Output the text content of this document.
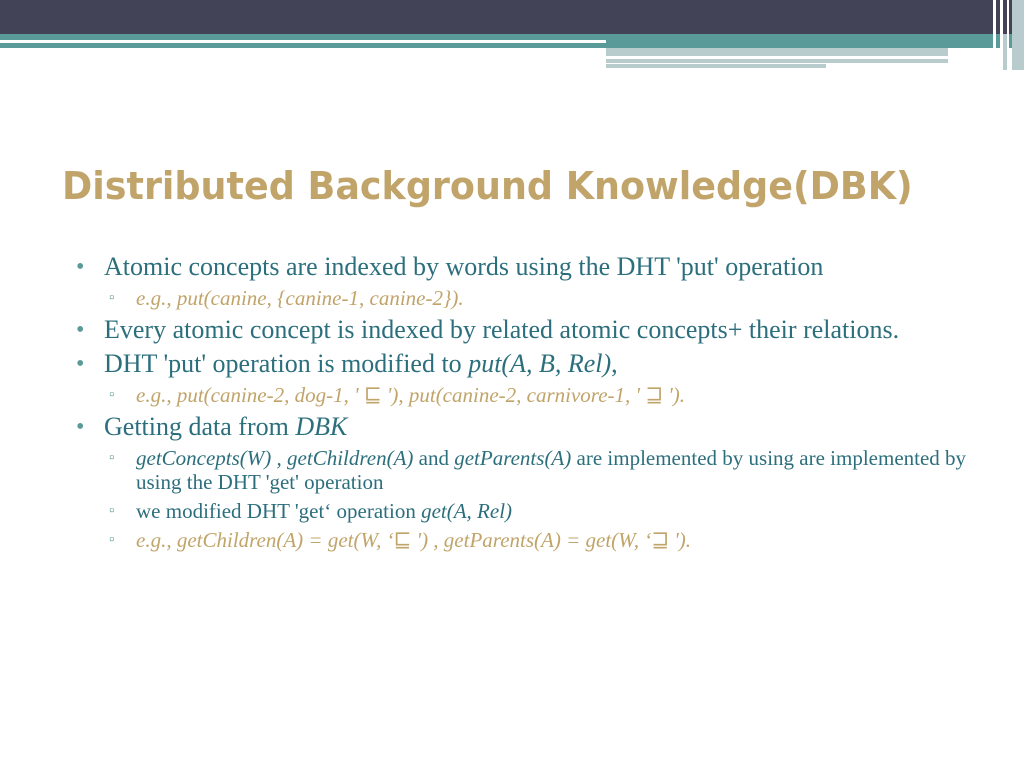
Distributed Background Knowledge(DBK)
• Atomic concepts are indexed by words using the DHT 'put' operation
▫ e.g., put(canine, {canine-1, canine-2}).
• Every atomic concept is indexed by related atomic concepts+ their relations.
• DHT 'put' operation is modified to put(A, B, Rel),
▫ e.g., put(canine-2, dog-1, ' ⊑ '), put(canine-2, carnivore-1, ' ⊒ ').
• Getting data from DBK
▫ getConcepts(W) , getChildren(A) and getParents(A) are implemented by using are implemented by using the DHT 'get' operation
▫ we modified DHT 'get‘ operation get(A, Rel)
▫ e.g., getChildren(A) = get(W, ‘⊑ ') , getParents(A) = get(W, ‘⊒ ').
